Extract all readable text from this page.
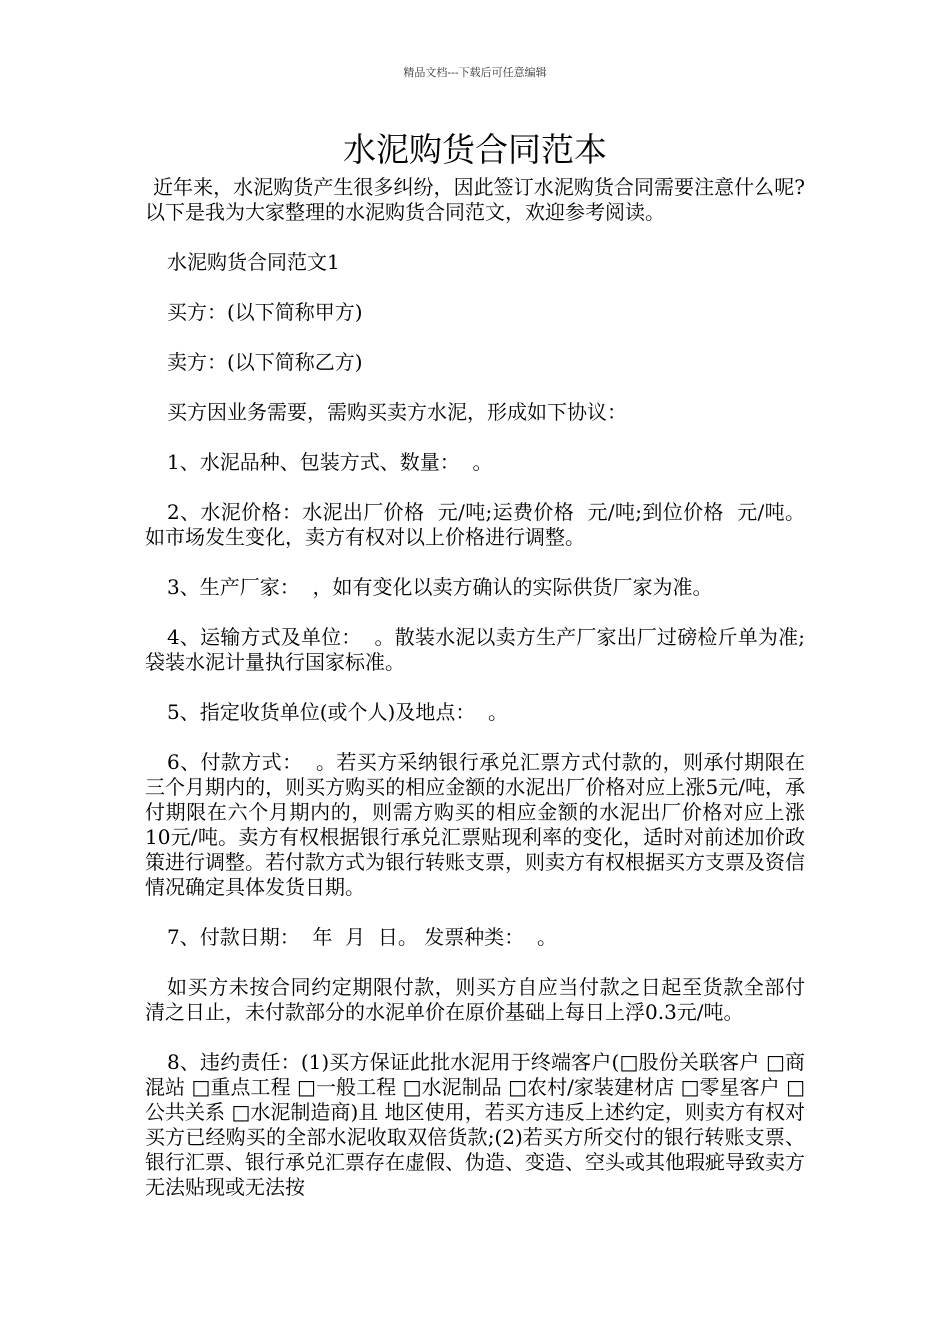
精品文档---下载后可任意编辑
水泥购货合同范本

近年来，水泥购货产生很多纠纷，因此签订水泥购货合同需要注意什么呢?以下是我为大家整理的水泥购货合同范文，欢迎参考阅读。

水泥购货合同范文1

买方：(以下简称甲方)

卖方：(以下简称乙方)

买方因业务需要，需购买卖方水泥，形成如下协议：

1、水泥品种、包装方式、数量：  。

2、水泥价格：水泥出厂价格  元/吨;运费价格  元/吨;到位价格  元/吨。如市场发生变化，卖方有权对以上价格进行调整。

3、生产厂家：  ，如有变化以卖方确认的实际供货厂家为准。

4、运输方式及单位：  。散装水泥以卖方生产厂家出厂过磅检斤单为准;袋装水泥计量执行国家标准。

5、指定收货单位(或个人)及地点：  。

6、付款方式：  。若买方采纳银行承兑汇票方式付款的，则承付期限在三个月期内的，则买方购买的相应金额的水泥出厂价格对应上涨5元/吨，承付期限在六个月期内的，则需方购买的相应金额的水泥出厂价格对应上涨10元/吨。卖方有权根据银行承兑汇票贴现利率的变化，适时对前述加价政策进行调整。若付款方式为银行转账支票，则卖方有权根据买方支票及资信情况确定具体发货日期。

7、付款日期：  年  月  日。 发票种类：  。

如买方未按合同约定期限付款，则买方自应当付款之日起至货款全部付清之日止，未付款部分的水泥单价在原价基础上每日上浮0.3元/吨。

8、违约责任：(1)买方保证此批水泥用于终端客户(□股份关联客户 □商混站 □重点工程 □一般工程 □水泥制品 □农村/家装建材店 □零星客户 □公共关系 □水泥制造商)且 地区使用，若买方违反上述约定，则卖方有权对买方已经购买的全部水泥收取双倍货款;(2)若买方所交付的银行转账支票、银行汇票、银行承兑汇票存在虚假、伪造、变造、空头或其他瑕疵导致卖方无法贴现或无法按
